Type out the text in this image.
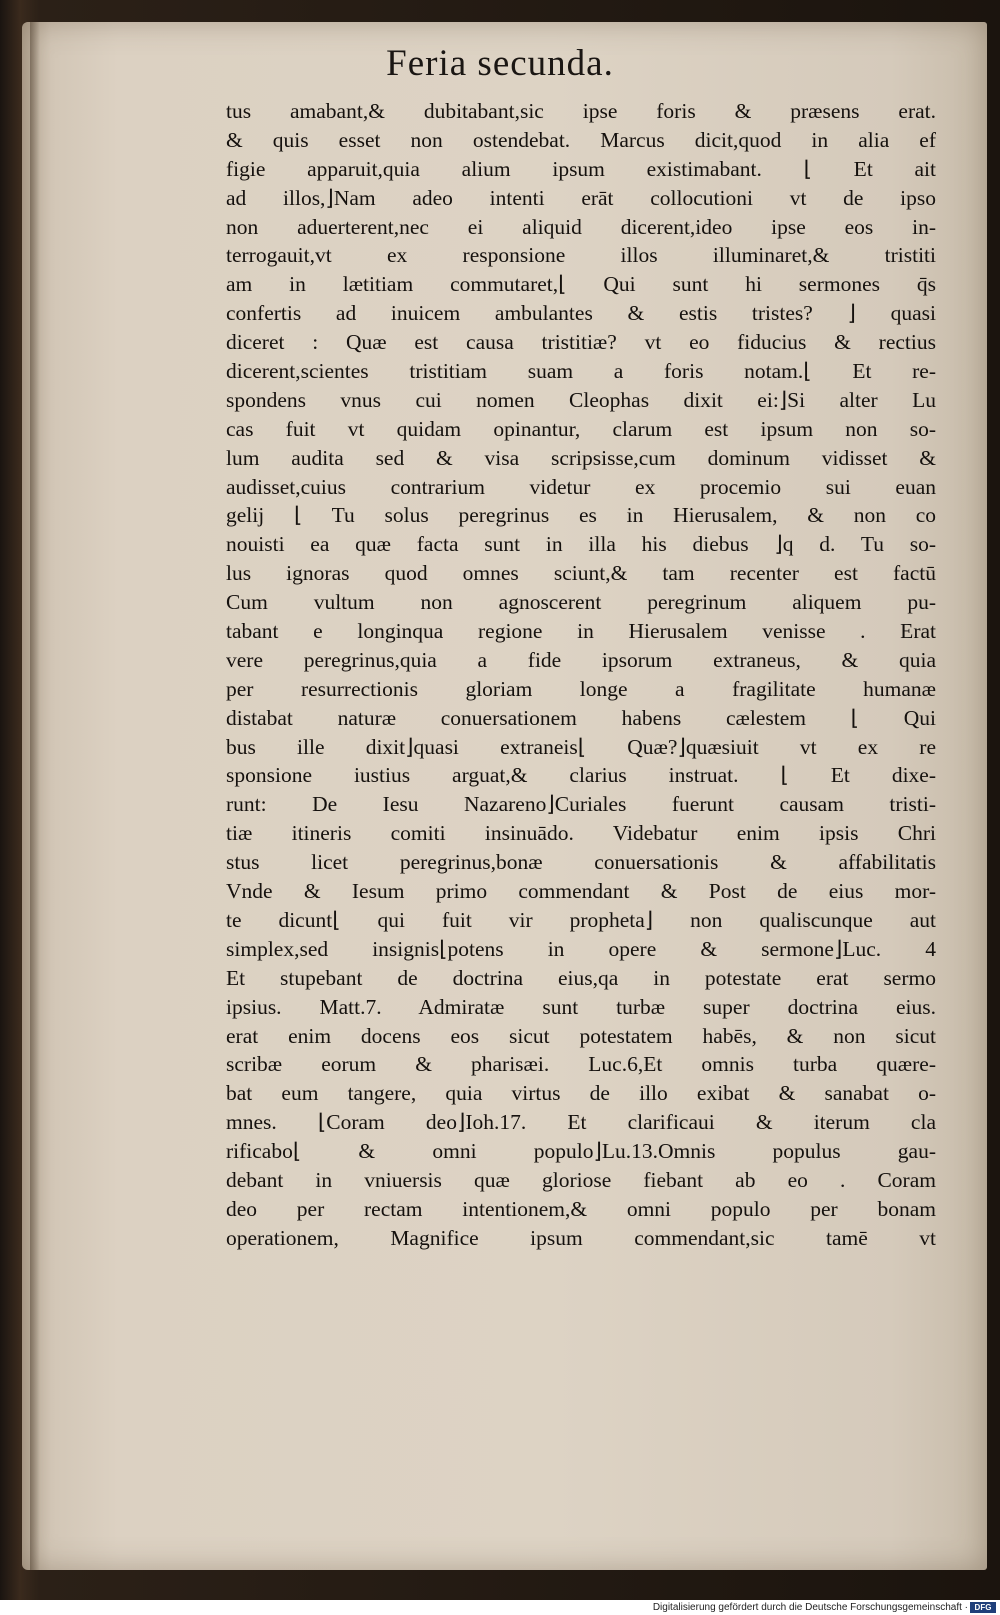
Feria secunda.
tus amabant,& dubitabant,sic ipse foris & præsens erat.
& quis esset non ostendebat. Marcus dicit,quod in alia ef
figie apparuit,quia alium ipsum existimabant. ⌊ Et ait
ad illos,⌋Nam adeo intenti erāt collocutioni vt de ipso
non aduerterent,nec ei aliquid dicerent,ideo ipse eos in-
terrogauit,vt ex responsione illos illuminaret,& tristiti
am in lætitiam commutaret,⌊ Qui sunt hi sermones q̄s
confertis ad inuicem ambulantes & estis tristes? ⌋ quasi
diceret : Quæ est causa tristitiæ? vt eo fiducius & rectius
dicerent,scientes tristitiam suam a foris notam.⌊ Et re-
spondens vnus cui nomen Cleophas dixit ei:⌋Si alter Lu
cas fuit vt quidam opinantur, clarum est ipsum non so-
lum audita sed & visa scripsisse,cum dominum vidisset &
audisset,cuius contrarium videtur ex procemio sui euan
gelij ⌊ Tu solus peregrinus es in Hierusalem, & non co
nouisti ea quæ facta sunt in illa his diebus ⌋q d. Tu so-
lus ignoras quod omnes sciunt,& tam recenter est factū
Cum vultum non agnoscerent peregrinum aliquem pu-
tabant e longinqua regione in Hierusalem venisse . Erat
vere peregrinus,quia a fide ipsorum extraneus, & quia
per resurrectionis gloriam longe a fragilitate humanæ
distabat naturæ conuersationem habens cælestem ⌊ Qui
bus ille dixit⌋quasi extraneis⌊ Quæ?⌋quæsiuit vt ex re
sponsione iustius arguat,& clarius instruat. ⌊ Et dixe-
runt: De Iesu Nazareno⌋Curiales fuerunt causam tristi-
tiæ itineris comiti insinuādo. Videbatur enim ipsis Chri
stus licet peregrinus,bonæ conuersationis & affabilitatis
Vnde & Iesum primo commendant & Post de eius mor-
te dicunt⌊ qui fuit vir propheta⌋ non qualiscunque aut
simplex,sed insignis⌊potens in opere & sermone⌋Luc. 4
Et stupebant de doctrina eius,qa in potestate erat sermo
ipsius. Matt.7. Admiratæ sunt turbæ super doctrina eius.
erat enim docens eos sicut potestatem habēs, & non sicut
scribæ eorum & pharisæi. Luc.6,Et omnis turba quære-
bat eum tangere, quia virtus de illo exibat & sanabat o-
mnes. ⌊Coram deo⌋Ioh.17. Et clarificaui & iterum cla
rificabo⌊ & omni populo⌋Lu.13.Omnis populus gau-
debant in vniuersis quæ gloriose fiebant ab eo . Coram
deo per rectam intentionem,& omni populo per bonam
operationem, Magnifice ipsum commendant,sic tamē vt
Digitalisierung gefördert durch die Deutsche Forschungsgemeinschaft · DFG
